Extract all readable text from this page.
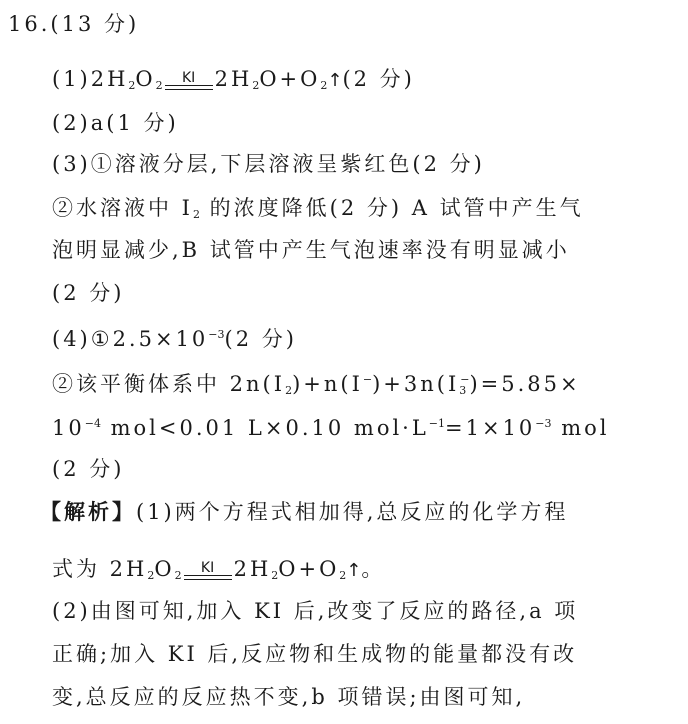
16.(13 分)
$(1)2H_2O_2$	KI $2H_2O+O_2↑(2$ 分)
(2)a(1 分)
(3)①溶液分层,下层溶液呈紫红色(2 分)
②水溶液中 $I_2$ 的浓度降低(2 分) A 试管中产生气
泡明显减少,B 试管中产生气泡速率没有明显减小
(2 分)
$(4)①2.5\times 10^{-3}(2$ 分)
②该平衡体系中 $2n(I_2)+n(I^-)+3n(I_3^-)=5.85\times$
$10^{-4}$ mol<0.01 L×0.10 $mol\cdot L^{-1}=1\times 10^{-3}$ mol
(2 分)
【解析】(1)两个方程式相加得,总反应的化学方程
式为 $2H_2O_2$	KI $2H_2O+O_2↑$。
(2)由图可知,加入 KI 后,改变了反应的路径,a 项
正确;加入 KI 后,反应物和生成物的能量都没有改
变,总反应的反应热不变,b 项错误;由图可知,
